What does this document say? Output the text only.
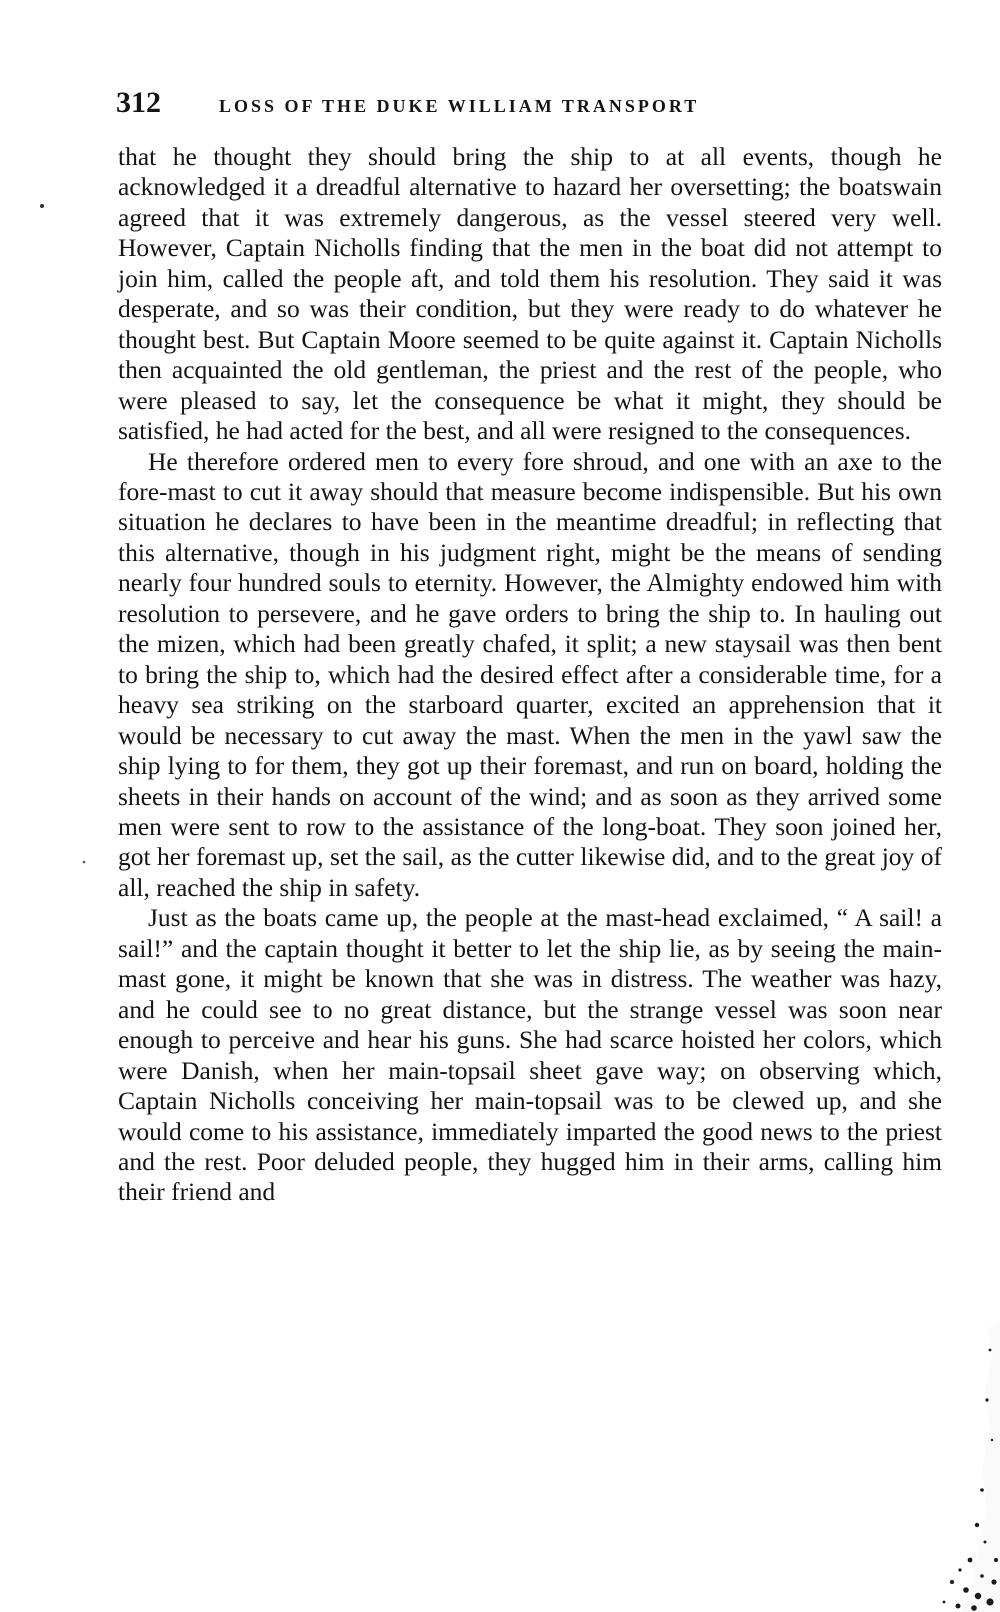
312	LOSS OF THE DUKE WILLIAM TRANSPORT

that he thought they should bring the ship to at all events, though he acknowledged it a dreadful alternative to hazard her oversetting; the boatswain agreed that it was extremely dangerous, as the vessel steered very well. However, Captain Nicholls finding that the men in the boat did not attempt to join him, called the people aft, and told them his resolution. They said it was desperate, and so was their condition, but they were ready to do whatever he thought best. But Captain Moore seemed to be quite against it. Captain Nicholls then acquainted the old gentleman, the priest and the rest of the people, who were pleased to say, let the consequence be what it might, they should be satisfied, he had acted for the best, and all were resigned to the consequences.

He therefore ordered men to every fore shroud, and one with an axe to the fore-mast to cut it away should that measure become indispensible. But his own situation he declares to have been in the meantime dreadful; in reflecting that this alternative, though in his judgment right, might be the means of sending nearly four hundred souls to eternity. However, the Almighty endowed him with resolution to persevere, and he gave orders to bring the ship to. In hauling out the mizen, which had been greatly chafed, it split; a new staysail was then bent to bring the ship to, which had the desired effect after a considerable time, for a heavy sea striking on the starboard quarter, excited an apprehension that it would be necessary to cut away the mast. When the men in the yawl saw the ship lying to for them, they got up their foremast, and run on board, holding the sheets in their hands on account of the wind; and as soon as they arrived some men were sent to row to the assistance of the long-boat. They soon joined her, got her foremast up, set the sail, as the cutter likewise did, and to the great joy of all, reached the ship in safety.

Just as the boats came up, the people at the mast-head exclaimed, “ A sail! a sail!” and the captain thought it better to let the ship lie, as by seeing the main-mast gone, it might be known that she was in distress. The weather was hazy, and he could see to no great distance, but the strange vessel was soon near enough to perceive and hear his guns. She had scarce hoisted her colors, which were Danish, when her main-topsail sheet gave way; on observing which, Captain Nicholls conceiving her main-topsail was to be clewed up, and she would come to his assistance, immediately imparted the good news to the priest and the rest. Poor deluded people, they hugged him in their arms, calling him their friend and
